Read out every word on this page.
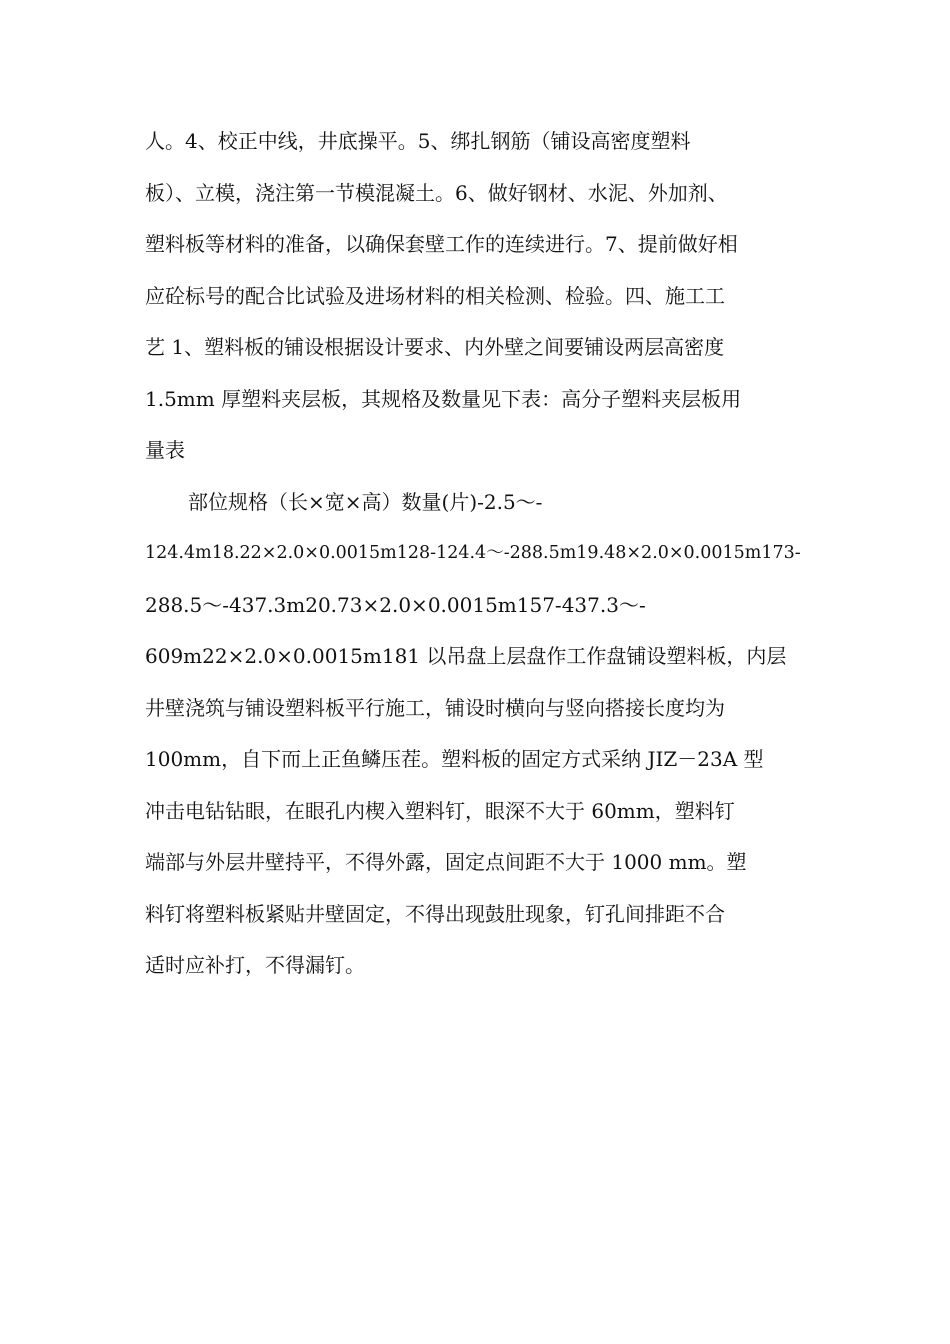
人。4、校正中线，井底操平。5、绑扎钢筋（铺设高密度塑料
板）、立模，浇注第一节模混凝土。6、做好钢材、水泥、外加剂、
塑料板等材料的准备，以确保套壁工作的连续进行。7、提前做好相
应砼标号的配合比试验及进场材料的相关检测、检验。四、施工工
艺 1、塑料板的铺设根据设计要求、内外壁之间要铺设两层高密度
1.5mm 厚塑料夹层板，其规格及数量见下表：高分子塑料夹层板用
量表
部位规格（长×宽×高）数量(片)-2.5～-
124.4m18.22×2.0×0.0015m128-124.4～-288.5m19.48×2.0×0.0015m173-
288.5～-437.3m20.73×2.0×0.0015m157-437.3～-
609m22×2.0×0.0015m181 以吊盘上层盘作工作盘铺设塑料板，内层
井壁浇筑与铺设塑料板平行施工，铺设时横向与竖向搭接长度均为
100mm，自下而上正鱼鳞压茬。塑料板的固定方式采纳 JIZ－23A 型
冲击电钻钻眼，在眼孔内楔入塑料钉，眼深不大于 60mm，塑料钉
端部与外层井壁持平，不得外露，固定点间距不大于 1000 mm。塑
料钉将塑料板紧贴井壁固定，不得出现鼓肚现象，钉孔间排距不合
适时应补打，不得漏钉。
